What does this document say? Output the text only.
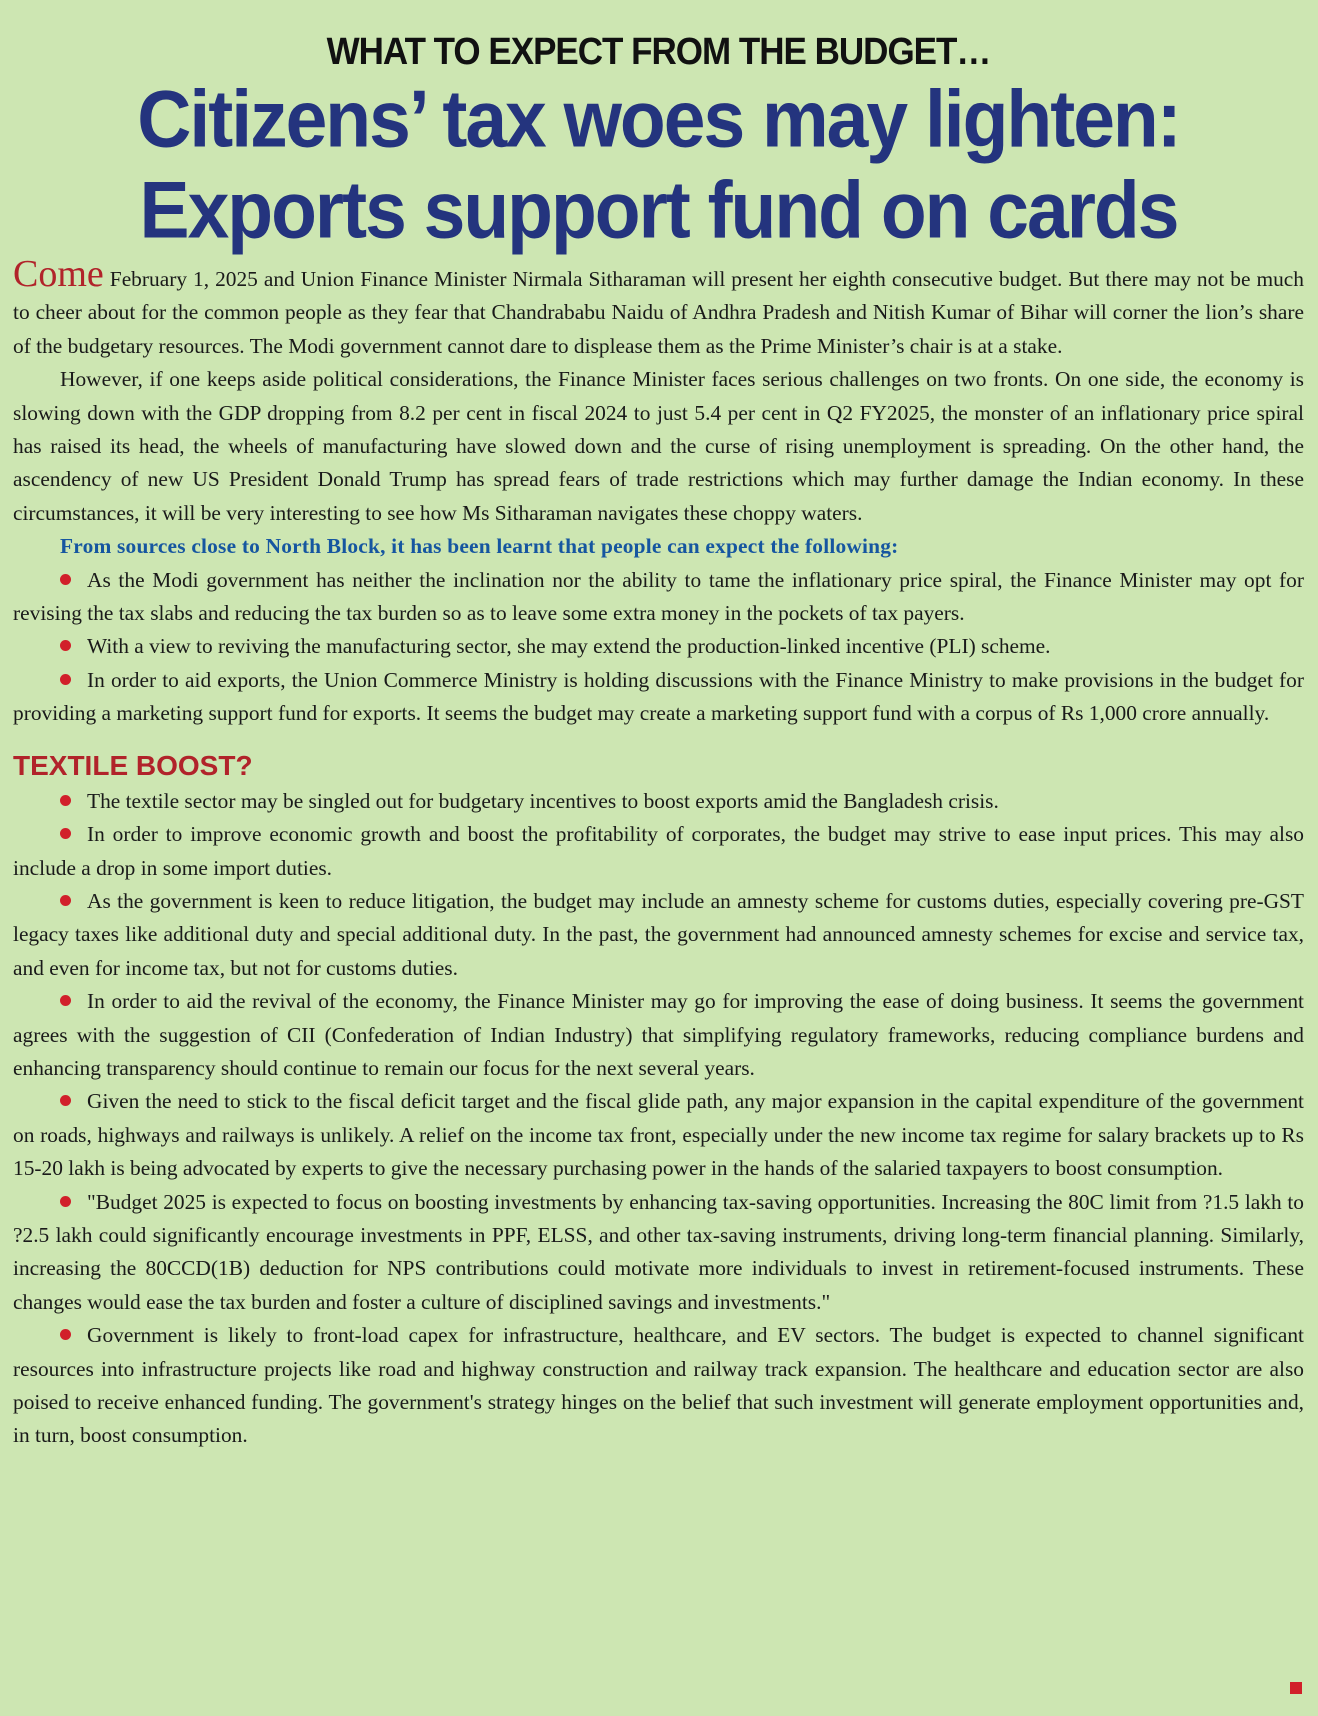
WHAT TO EXPECT FROM THE BUDGET…
Citizens’ tax woes may lighten:
Exports support fund on cards

Come February 1, 2025 and Union Finance Minister Nirmala Sitharaman will present her eighth consecutive budget. But there may not be much to cheer about for the common people as they fear that Chandrababu Naidu of Andhra Pradesh and Nitish Kumar of Bihar will corner the lion’s share of the budgetary resources. The Modi government cannot dare to displease them as the Prime Minister’s chair is at a stake.

However, if one keeps aside political considerations, the Finance Minister faces serious challenges on two fronts. On one side, the economy is slowing down with the GDP dropping from 8.2 per cent in fiscal 2024 to just 5.4 per cent in Q2 FY2025, the monster of an inflationary price spiral has raised its head, the wheels of manufacturing have slowed down and the curse of rising unemployment is spreading. On the other hand, the ascendency of new US President Donald Trump has spread fears of trade restrictions which may further damage the Indian economy. In these circumstances, it will be very interesting to see how Ms Sitharaman navigates these choppy waters.

From sources close to North Block, it has been learnt that people can expect the following:

As the Modi government has neither the inclination nor the ability to tame the inflationary price spiral, the Finance Minister may opt for revising the tax slabs and reducing the tax burden so as to leave some extra money in the pockets of tax payers.

With a view to reviving the manufacturing sector, she may extend the production-linked incentive (PLI) scheme.

In order to aid exports, the Union Commerce Ministry is holding discussions with the Finance Ministry to make provisions in the budget for providing a marketing support fund for exports. It seems the budget may create a marketing support fund with a corpus of Rs 1,000 crore annually.

TEXTILE BOOST?

The textile sector may be singled out for budgetary incentives to boost exports amid the Bangladesh crisis.

In order to improve economic growth and boost the profitability of corporates, the budget may strive to ease input prices. This may also include a drop in some import duties.

As the government is keen to reduce litigation, the budget may include an amnesty scheme for customs duties, especially covering pre-GST legacy taxes like additional duty and special additional duty. In the past, the government had announced amnesty schemes for excise and service tax, and even for income tax, but not for customs duties.

In order to aid the revival of the economy, the Finance Minister may go for improving the ease of doing business. It seems the government agrees with the suggestion of CII (Confederation of Indian Industry) that simplifying regulatory frameworks, reducing compliance burdens and enhancing transparency should continue to remain our focus for the next several years.

Given the need to stick to the fiscal deficit target and the fiscal glide path, any major expansion in the capital expenditure of the government on roads, highways and railways is unlikely. A relief on the income tax front, especially under the new income tax regime for salary brackets up to Rs 15-20 lakh is being advocated by experts to give the necessary purchasing power in the hands of the salaried taxpayers to boost consumption.

"Budget 2025 is expected to focus on boosting investments by enhancing tax-saving opportunities. Increasing the 80C limit from ?1.5 lakh to ?2.5 lakh could significantly encourage investments in PPF, ELSS, and other tax-saving instruments, driving long-term financial planning. Similarly, increasing the 80CCD(1B) deduction for NPS contributions could motivate more individuals to invest in retirement-focused instruments. These changes would ease the tax burden and foster a culture of disciplined savings and investments."

Government is likely to front-load capex for infrastructure, healthcare, and EV sectors. The budget is expected to channel significant resources into infrastructure projects like road and highway construction and railway track expansion. The healthcare and education sector are also poised to receive enhanced funding. The government's strategy hinges on the belief that such investment will generate employment opportunities and, in turn, boost consumption.
